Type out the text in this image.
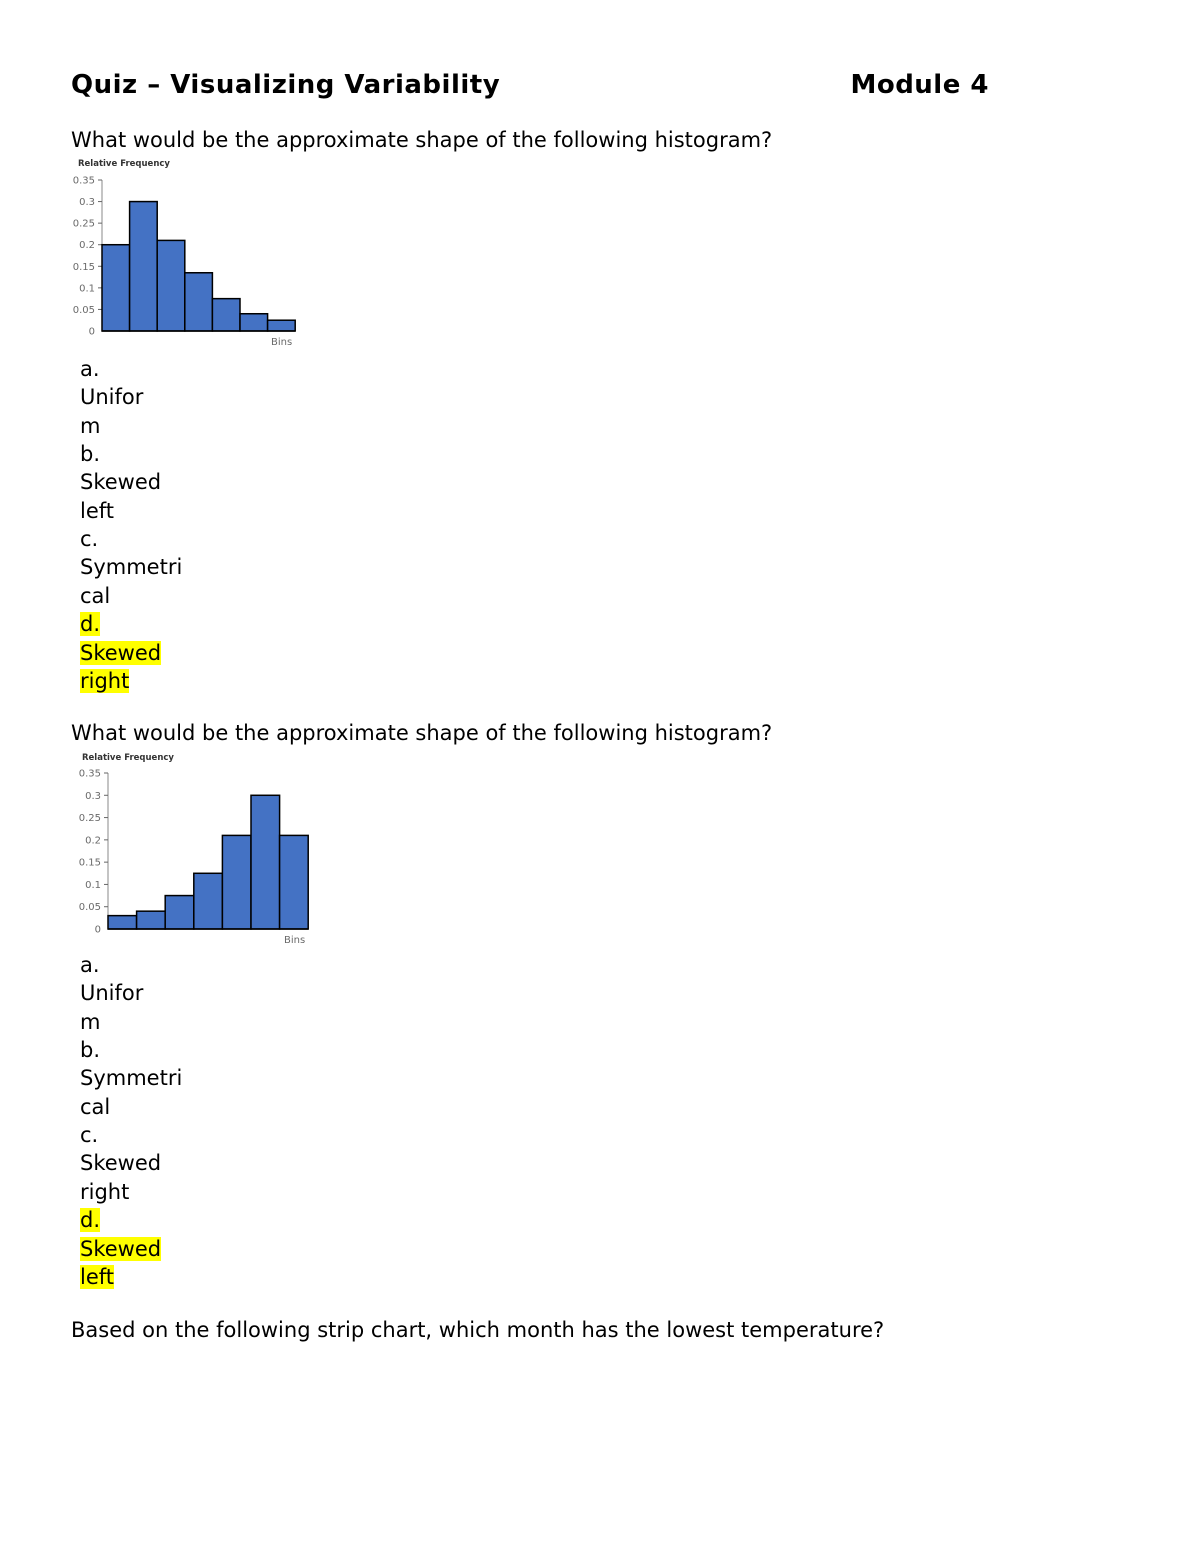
Quiz – Visualizing Variability	Module 4

What would be the approximate shape of the following histogram?

Relative Frequency
0
0.05
0.1
0.15
0.2
0.25
0.3
0.35
Bins
a.
Unifor
m
b.
Skewed
left
c.
Symmetri
cal
d.
Skewed
right

What would be the approximate shape of the following histogram?

Relative Frequency
0
0.05
0.1
0.15
0.2
0.25
0.3
0.35
Bins
a.
Unifor
m
b.
Symmetri
cal
c.
Skewed
right
d.
Skewed
left

Based on the following strip chart, which month has the lowest temperature?
